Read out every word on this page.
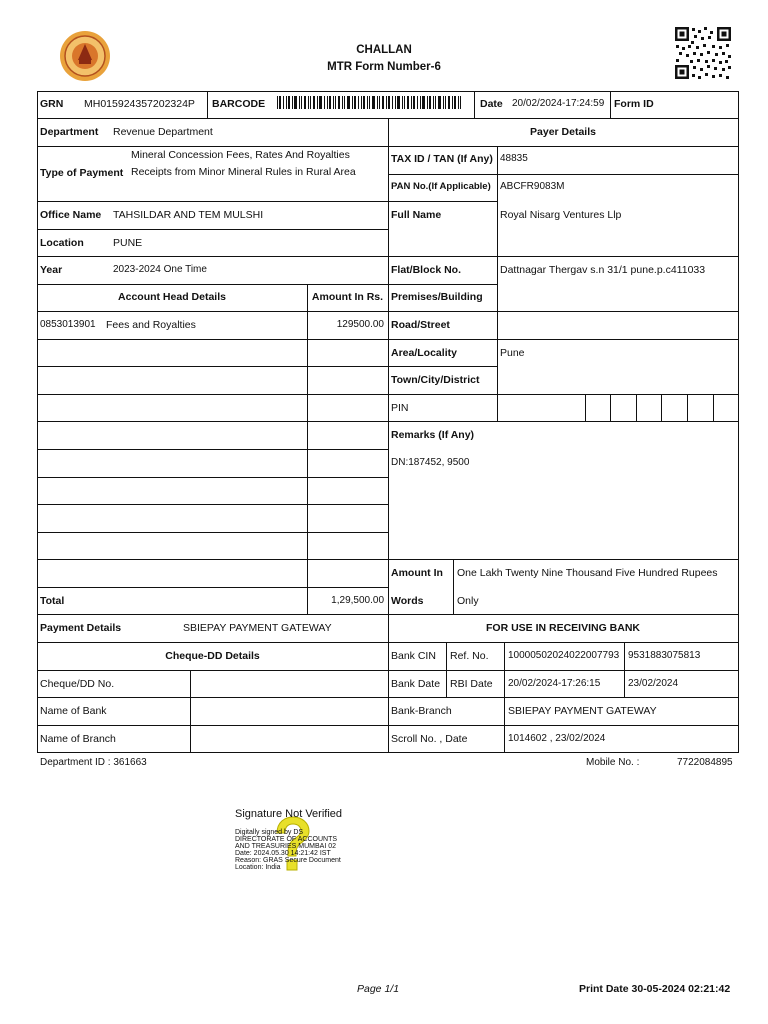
CHALLAN
MTR Form Number-6
GRN MH015924357202324P BARCODE	Date 20/02/2024-17:24:59 Form ID
Department Revenue Department
Mineral Concession Fees, Rates And Royalties
Type of Payment Receipts from Minor Mineral Rules in Rural Area
Office Name TAHSILDAR AND TEM MULSHI
Location	PUNE
Year	2023-2024 One Time
Account Head Details	Amount In Rs.
0853013901 Fees and Royalties	129500.00
Total	1,29,500.00
Payer Details
TAX ID / TAN (If Any) 48835
PAN No.(If Applicable) ABCFR9083M
Full Name	Royal Nisarg Ventures Llp
Flat/Block No.	Dattnagar Thergav s.n 31/1 pune.p.c411033
Premises/Building
Road/Street
Area/Locality	Pune
Town/City/District
PIN
Remarks (If Any)
DN:187452, 9500
Amount In
Words
One Lakh Twenty Nine Thousand Five Hundred Rupees
Only
Payment Details	SBIEPAY PAYMENT GATEWAY	FOR USE IN RECEIVING BANK
Cheque-DD Details
Cheque/DD No.
Name of Bank
Name of Branch
Bank CIN Ref. No. 10000502024022007793 9531883075813
Bank Date RBI Date 20/02/2024-17:26:15	23/02/2024
Bank-Branch	SBIEPAY PAYMENT GATEWAY
Scroll No. , Date	1014602 , 23/02/2024
Department ID : 361663	Mobile No. :	7722084895
Signature Not Verified
Digitally signed by DS
DIRECTORATE OF ACCOUNTS
AND TREASURIES MUMBAI 02
Date: 2024.05.30 14:21:42 IST
Reason: GRAS Secure Document
Location: India
Page 1/1	Print Date 30-05-2024 02:21:42
